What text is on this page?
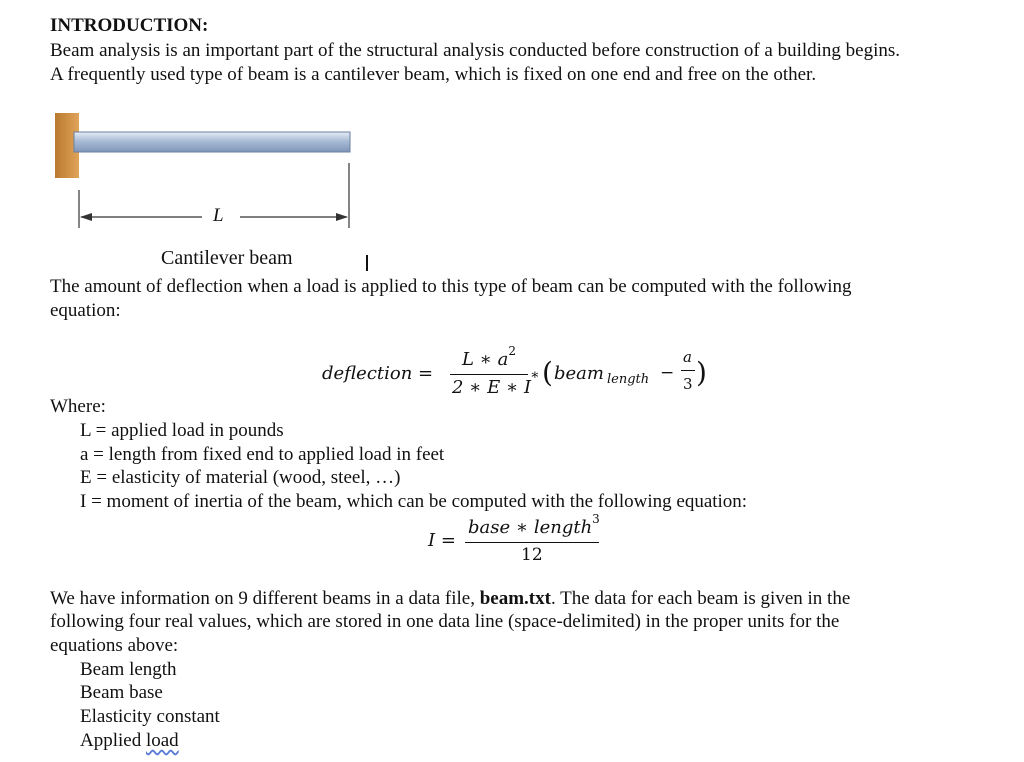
INTRODUCTION:
Beam analysis is an important part of the structural analysis conducted before construction of a building begins.
A frequently used type of beam is a cantilever beam, which is fixed on one end and free on the other.
L
Cantilever beam
The amount of deflection when a load is applied to this type of beam can be computed with the following
equation:
deflection =
L ∗ $a^2$
2 ∗ E ∗ I
∗ ( beam length −
a
3 )
Where:
L = applied load in pounds
a = length from fixed end to applied load in feet
E = elasticity of material (wood, steel, …)
I = moment of inertia of the beam, which can be computed with the following equation:
I =
base ∗ length$^3$
12
We have information on 9 different beams in a data file, beam.txt. The data for each beam is given in the
following four real values, which are stored in one data line (space-delimited) in the proper units for the
equations above:
Beam length
Beam base
Elasticity constant
Applied load
